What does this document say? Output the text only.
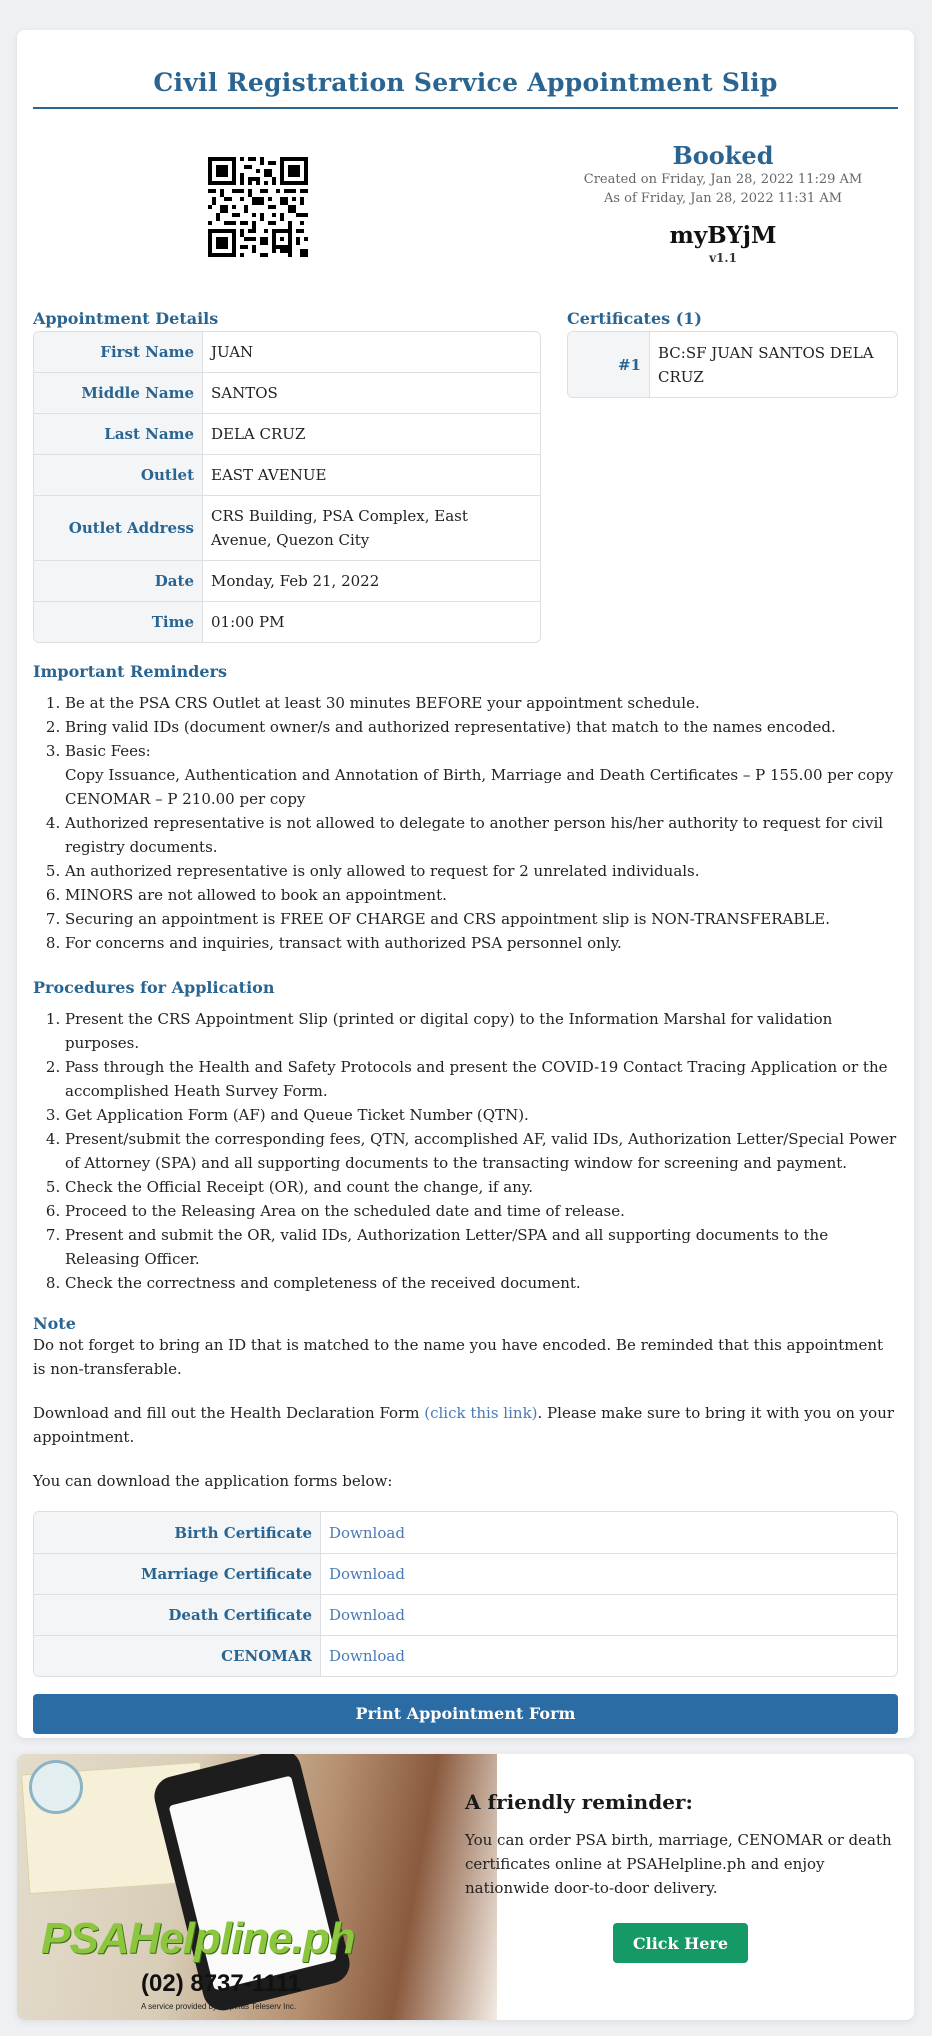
Civil Registration Service Appointment Slip
Booked
Created on Friday, Jan 28, 2022 11:29 AM
As of Friday, Jan 28, 2022 11:31 AM
myBYjM
v1.1
Appointment Details
First Name	JUAN
Middle Name	SANTOS
Last Name	DELA CRUZ
Outlet	EAST AVENUE
Outlet Address	CRS Building, PSA Complex, East Avenue, Quezon City
Date	Monday, Feb 21, 2022
Time	01:00 PM
Certificates (1)
#1	BC:SF JUAN SANTOS DELA CRUZ
Important Reminders
1. Be at the PSA CRS Outlet at least 30 minutes BEFORE your appointment schedule.
2. Bring valid IDs (document owner/s and authorized representative) that match to the names encoded.
3. Basic Fees:
Copy Issuance, Authentication and Annotation of Birth, Marriage and Death Certificates – P 155.00 per copy
CENOMAR – P 210.00 per copy
4. Authorized representative is not allowed to delegate to another person his/her authority to request for civil registry documents.
5. An authorized representative is only allowed to request for 2 unrelated individuals.
6. MINORS are not allowed to book an appointment.
7. Securing an appointment is FREE OF CHARGE and CRS appointment slip is NON-TRANSFERABLE.
8. For concerns and inquiries, transact with authorized PSA personnel only.
Procedures for Application
1. Present the CRS Appointment Slip (printed or digital copy) to the Information Marshal for validation purposes.
2. Pass through the Health and Safety Protocols and present the COVID-19 Contact Tracing Application or the accomplished Heath Survey Form.
3. Get Application Form (AF) and Queue Ticket Number (QTN).
4. Present/submit the corresponding fees, QTN, accomplished AF, valid IDs, Authorization Letter/Special Power of Attorney (SPA) and all supporting documents to the transacting window for screening and payment.
5. Check the Official Receipt (OR), and count the change, if any.
6. Proceed to the Releasing Area on the scheduled date and time of release.
7. Present and submit the OR, valid IDs, Authorization Letter/SPA and all supporting documents to the Releasing Officer.
8. Check the correctness and completeness of the received document.
Note

Do not forget to bring an ID that is matched to the name you have encoded. Be reminded that this appointment is non-transferable.

Download and fill out the Health Declaration Form (click this link). Please make sure to bring it with you on your appointment.

You can download the application forms below:

Birth Certificate	Download
Marriage Certificate	Download
Death Certificate	Download
CENOMAR	Download
Print Appointment Form
PSAHelpline.ph
(02) 8737-1111
A service provided by Pilipinas Teleserv Inc.
A friendly reminder:

You can order PSA birth, marriage, CENOMAR or death certificates online at PSAHelpline.ph and enjoy nationwide door-to-door delivery.

Click Here
